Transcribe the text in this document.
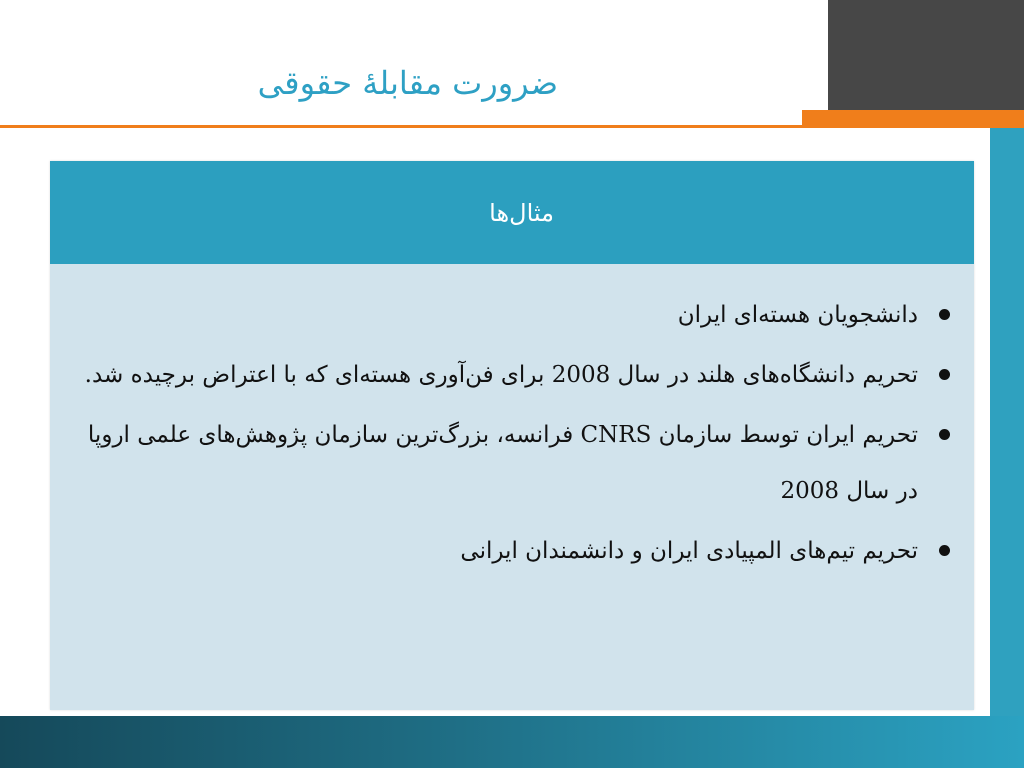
ضرورت مقابلۀ حقوقی
مثال‌ها
دانشجویان هسته‌ای ایران
تحریم دانشگاه‌های هلند در سال 2008 برای فن‌آوری هسته‌ای که با اعتراض برچیده شد.
تحریم ایران توسط سازمان CNRS فرانسه، بزرگ‌ترین سازمان پژوهش‌های علمی اروپا در سال 2008
تحریم تیم‌های المپیادی ایران و دانشمندان ایرانی
